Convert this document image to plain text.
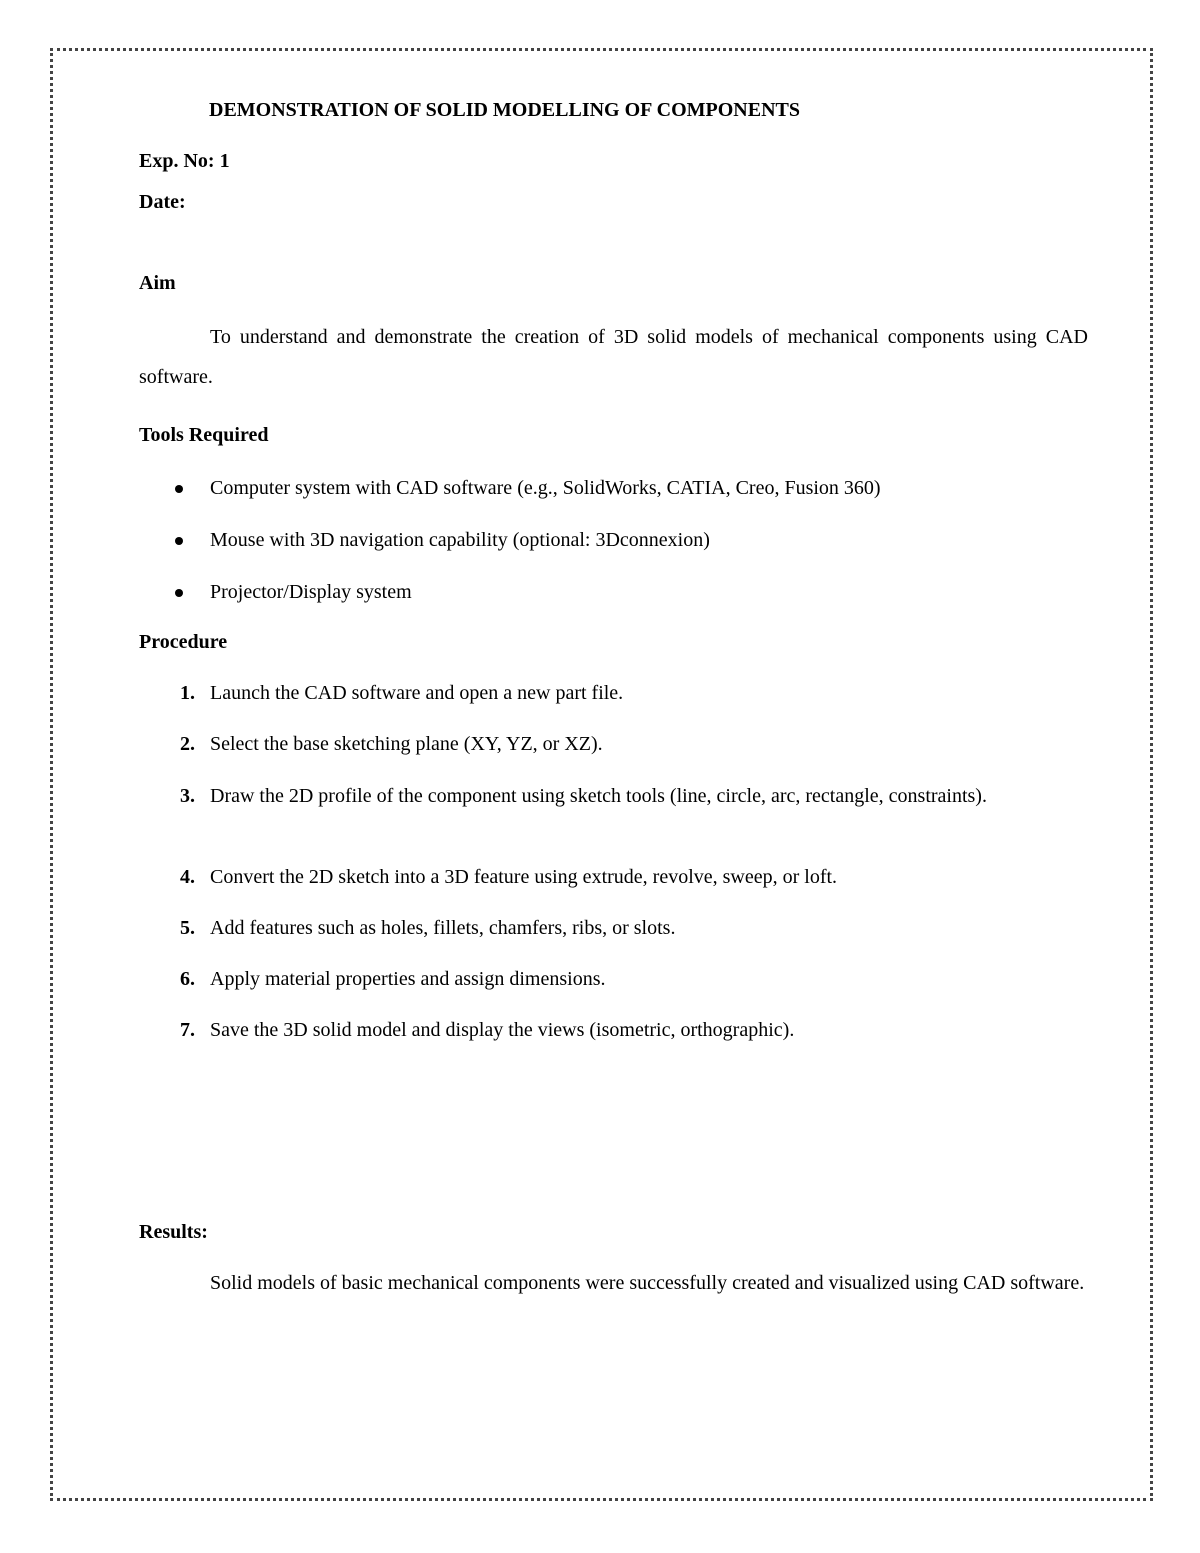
DEMONSTRATION OF SOLID MODELLING OF COMPONENTS
Exp. No: 1
Date:
Aim
To understand and demonstrate the creation of 3D solid models of mechanical components using CAD software.
Tools Required
Computer system with CAD software (e.g., SolidWorks, CATIA, Creo, Fusion 360)
Mouse with 3D navigation capability (optional: 3Dconnexion)
Projector/Display system
Procedure
1. Launch the CAD software and open a new part file.
2. Select the base sketching plane (XY, YZ, or XZ).
3. Draw the 2D profile of the component using sketch tools (line, circle, arc, rectangle, constraints).
4. Convert the 2D sketch into a 3D feature using extrude, revolve, sweep, or loft.
5. Add features such as holes, fillets, chamfers, ribs, or slots.
6. Apply material properties and assign dimensions.
7. Save the 3D solid model and display the views (isometric, orthographic).
Results:
Solid models of basic mechanical components were successfully created and visualized using CAD software.
